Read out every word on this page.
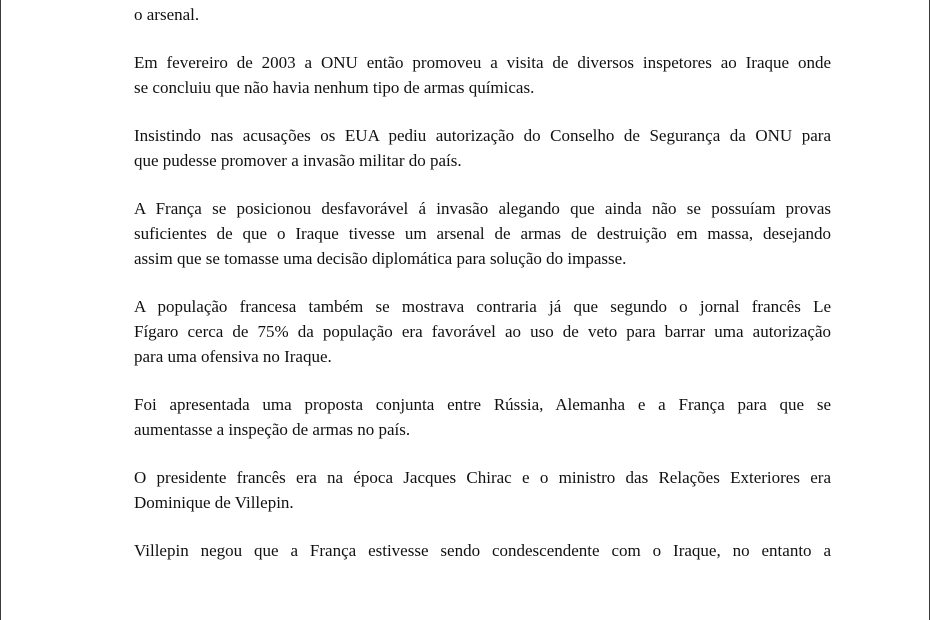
o arsenal.

Em fevereiro de 2003 a ONU então promoveu a visita de diversos inspetores ao Iraque onde
se concluiu que não havia nenhum tipo de armas químicas.

Insistindo nas acusações os EUA pediu autorização do Conselho de Segurança da ONU para
que pudesse promover a invasão militar do país.

A França se posicionou desfavorável á invasão alegando que ainda não se possuíam provas
suficientes de que o Iraque tivesse um arsenal de armas de destruição em massa, desejando
assim que se tomasse uma decisão diplomática para solução do impasse.

A população francesa também se mostrava contraria já que segundo o jornal francês Le
Fígaro cerca de 75% da população era favorável ao uso de veto para barrar uma autorização
para uma ofensiva no Iraque.

Foi apresentada uma proposta conjunta entre Rússia, Alemanha e a França para que se
aumentasse a inspeção de armas no país.

O presidente francês era na época Jacques Chirac e o ministro das Relações Exteriores era
Dominique de Villepin.

Villepin negou que a França estivesse sendo condescendente com o Iraque, no entanto a
